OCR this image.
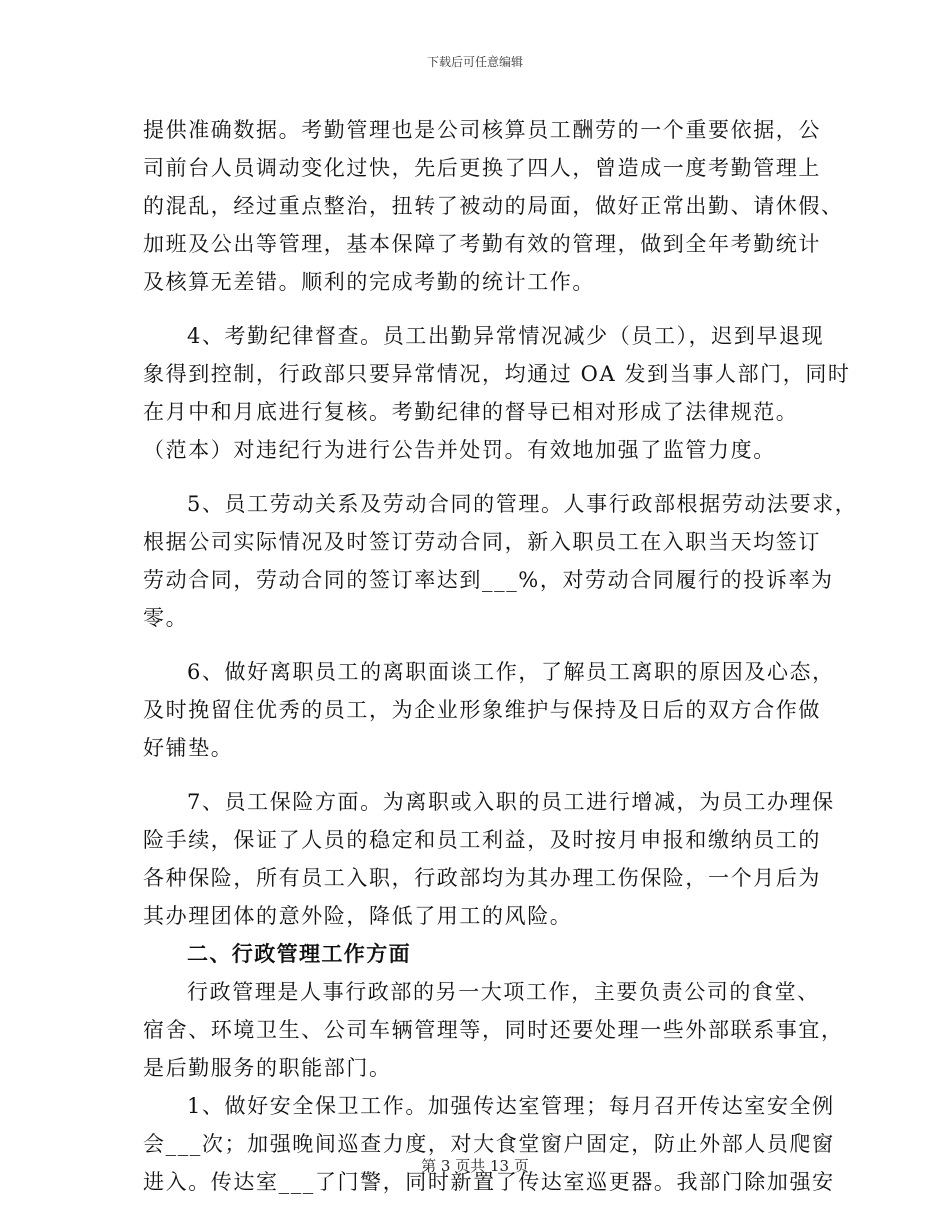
下载后可任意编辑
提供准确数据。考勤管理也是公司核算员工酬劳的一个重要依据，公
司前台人员调动变化过快，先后更换了四人，曾造成一度考勤管理上
的混乱，经过重点整治，扭转了被动的局面，做好正常出勤、请休假、
加班及公出等管理，基本保障了考勤有效的管理，做到全年考勤统计
及核算无差错。顺利的完成考勤的统计工作。
4、考勤纪律督查。员工出勤异常情况减少（员工），迟到早退现
象得到控制，行政部只要异常情况，均通过 OA 发到当事人部门，同时
在月中和月底进行复核。考勤纪律的督导已相对形成了法律规范。
（范本）对违纪行为进行公告并处罚。有效地加强了监管力度。
5、员工劳动关系及劳动合同的管理。人事行政部根据劳动法要求，
根据公司实际情况及时签订劳动合同，新入职员工在入职当天均签订
劳动合同，劳动合同的签订率达到___%，对劳动合同履行的投诉率为
零。
6、做好离职员工的离职面谈工作，了解员工离职的原因及心态，
及时挽留住优秀的员工，为企业形象维护与保持及日后的双方合作做
好铺垫。
7、员工保险方面。为离职或入职的员工进行增减，为员工办理保
险手续，保证了人员的稳定和员工利益，及时按月申报和缴纳员工的
各种保险，所有员工入职，行政部均为其办理工伤保险，一个月后为
其办理团体的意外险，降低了用工的风险。
二、行政管理工作方面
行政管理是人事行政部的另一大项工作，主要负责公司的食堂、
宿舍、环境卫生、公司车辆管理等，同时还要处理一些外部联系事宜，
是后勤服务的职能部门。
1、做好安全保卫工作。加强传达室管理；每月召开传达室安全例
会___次；加强晚间巡查力度，对大食堂窗户固定，防止外部人员爬窗
进入。传达室___了门警，同时新置了传达室巡更器。我部门除加强安
第 3 页共 13 页
